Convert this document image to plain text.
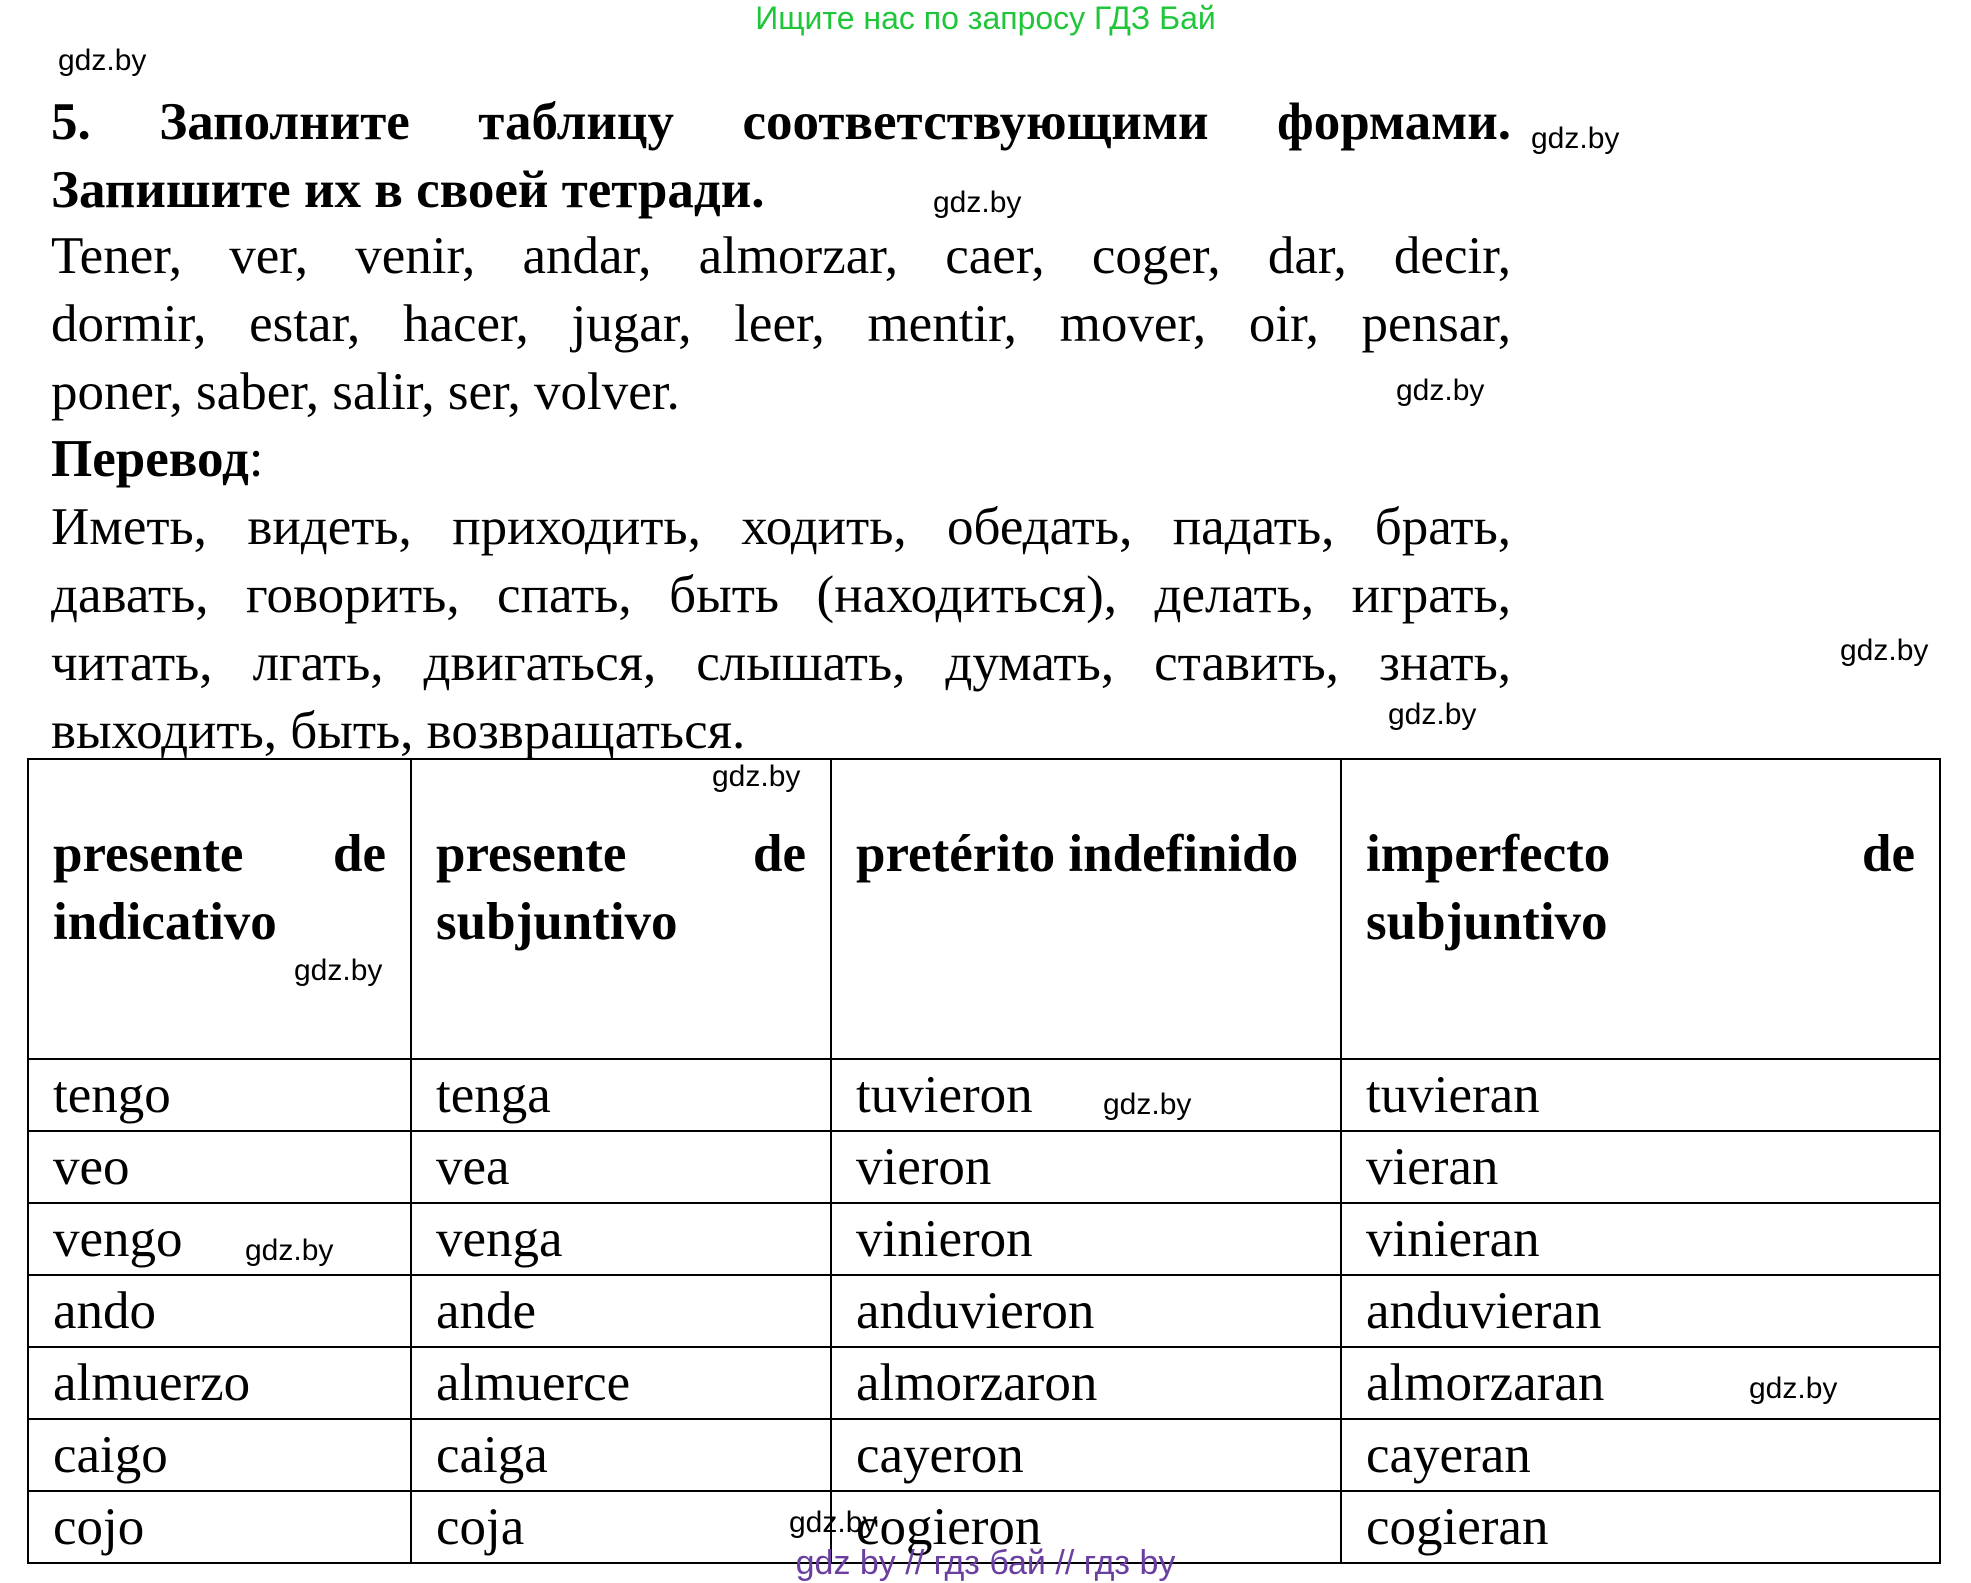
Ищите нас по запросу ГДЗ Бай
gdz.by
gdz.by
gdz.by
gdz.by
gdz.by
gdz.by
5. Заполните таблицу соответствующими формами.
Запишите их в своей тетради.
Tener, ver, venir, andar, almorzar, caer, coger, dar, decir,
dormir, estar, hacer, jugar, leer, mentir, mover, oir, pensar,
poner, saber, salir, ser, volver.
Перевод:
Иметь, видеть, приходить, ходить, обедать, падать, брать,
давать, говорить, спать, быть (находиться), делать, играть,
читать, лгать, двигаться, слышать, думать, ставить, знать,
выходить, быть, возвращаться.
presente de indicativo	presente de subjuntivo	pretérito indefinido	imperfecto de subjuntivo
tengo	tenga	tuvieron	tuvieran
veo	vea	vieron	vieran
vengo	venga	vinieron	vinieran
ando	ande	anduvieron	anduvieran
almuerzo	almuerce	almorzaron	almorzaran
caigo	caiga	cayeron	cayeran
cojo	coja	cogieron	cogieran
gdz.by
gdz.by
gdz.by
gdz.by
gdz.by
gdz.by
gdz by // гдз бай // гдз by
